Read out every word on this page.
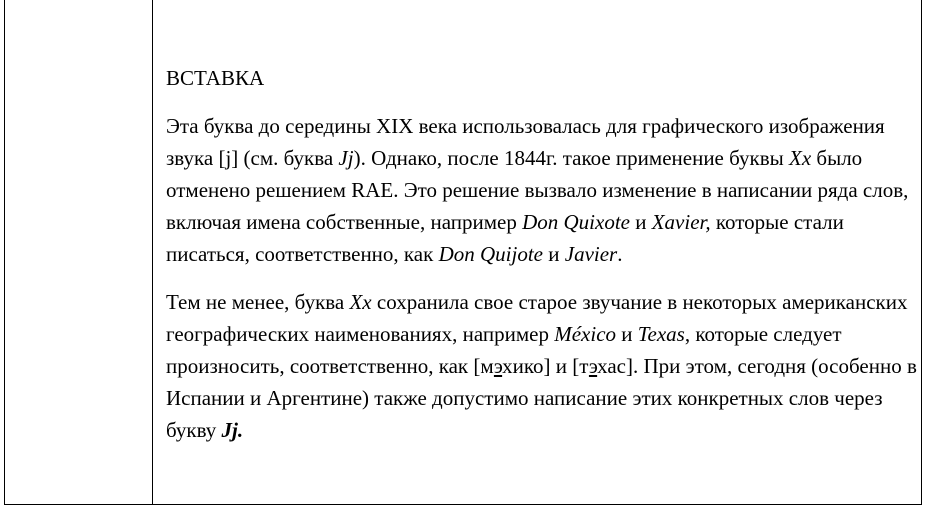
ВСТАВКА

Эта буква до середины XIX века использовалась для графического изображения звука [j] (см. буква Jj). Однако, после 1844г. такое применение буквы Xx было отменено решением RAE. Это решение вызвало изменение в написании ряда слов, включая имена собственные, например Don Quixote и Xavier, которые стали писаться, соответственно, как Don Quijote и Javier.

Тем не менее, буква Xx сохранила свое старое звучание в некоторых американских географических наименованиях, например México и Texas, которые следует произносить, соответственно, как [мэхико] и [тэхас]. При этом, сегодня (особенно в Испании и Аргентине) также допустимо написание этих конкретных слов через букву Jj.
